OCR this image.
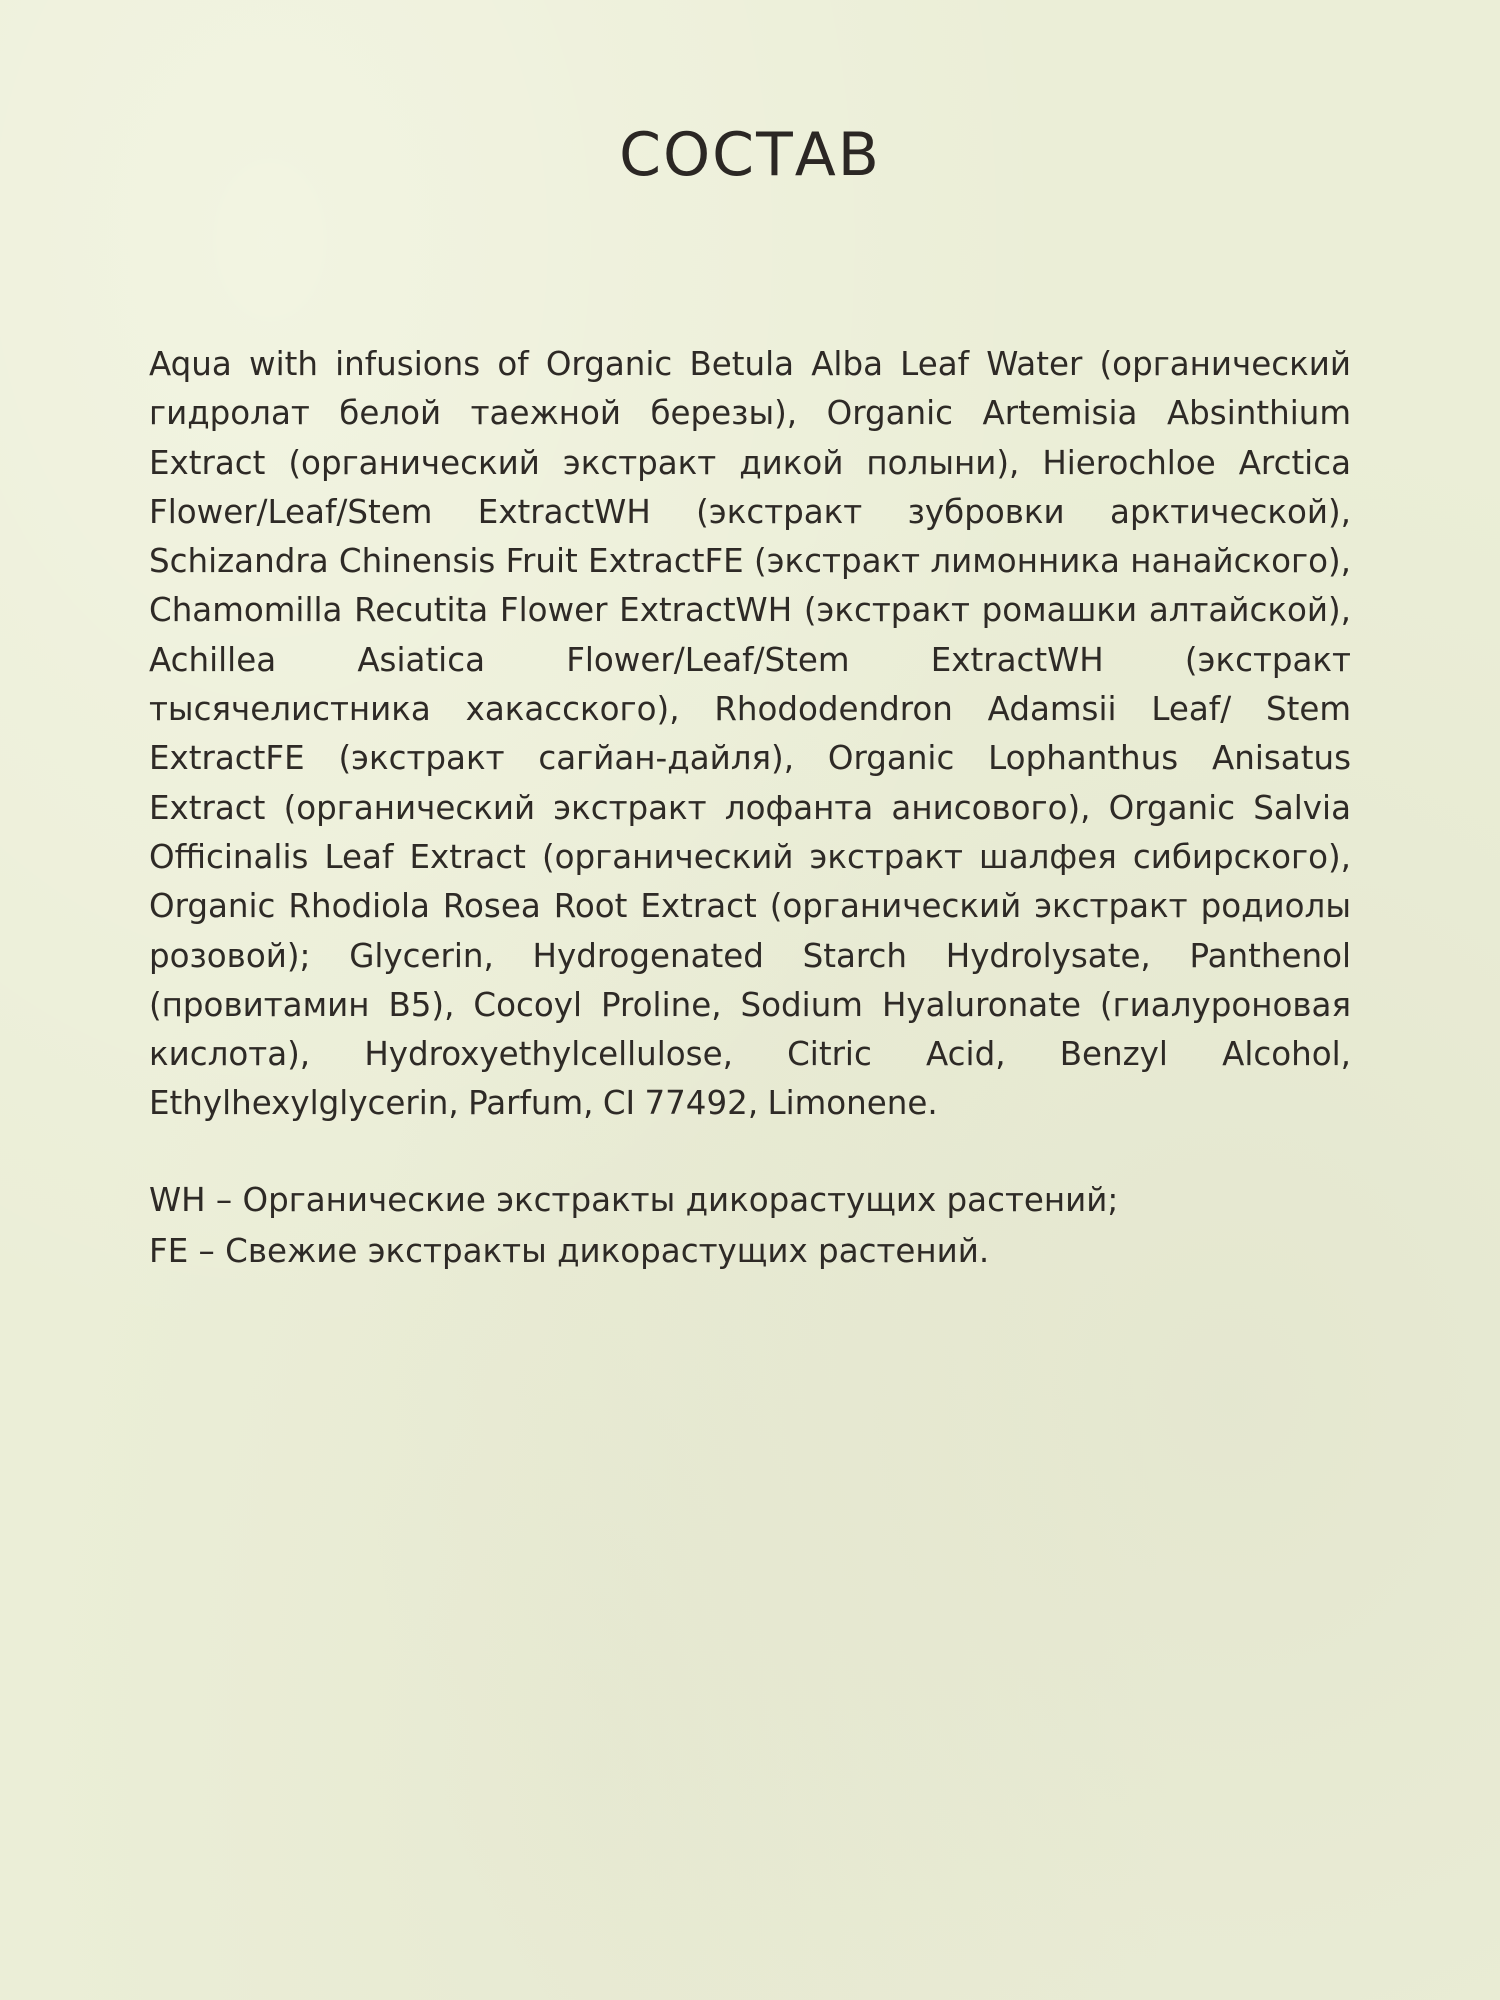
СОСТАВ

Aqua with infusions of Organic Betula Alba Leaf Water (органический гидролат белой таежной березы), Organic Artemisia Absinthium Extract (органический экстракт дикой полыни), Hierochloe Arctica Flower/Leaf/Stem ExtractWH (экстракт зубровки арктической), Schizandra Chinensis Fruit ExtractFE (экстракт лимонника нанайского), Chamomilla Recutita Flower ExtractWH (экстракт ромашки алтайской), Achillea Asiatica Flower/Leaf/Stem ExtractWH (экстракт тысячелистника хакасского), Rhododendron Adamsii Leaf/ Stem ExtractFE (экстракт сагйан-дайля), Organic Lophanthus Anisatus Extract (органический экстракт лофанта анисового), Organic Salvia Officinalis Leaf Extract (органический экстракт шалфея сибирского), Organic Rhodiola Rosea Root Extract (органический экстракт родиолы розовой); Glycerin, Hydrogenated Starch Hydrolysate, Panthenol (провитамин B5), Cocoyl Proline, Sodium Hyaluronate (гиалуроновая кислота), Hydroxyethylcellulose, Citric Acid, Benzyl Alcohol, Ethylhexylglycerin, Parfum, CI 77492, Limonene.

WH – Органические экстракты дикорастущих растений;

FE – Свежие экстракты дикорастущих растений.
